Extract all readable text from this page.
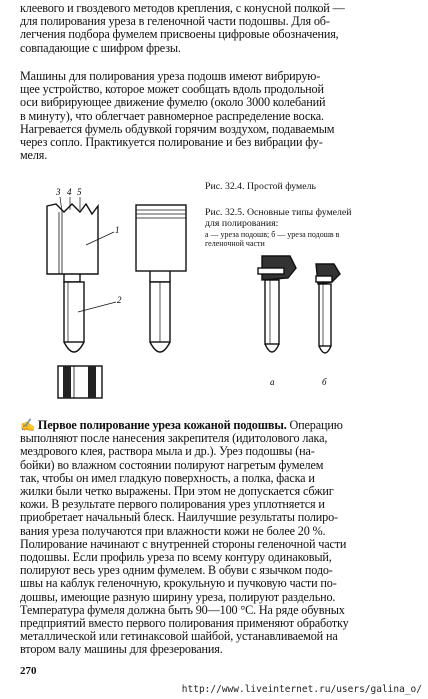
клеевого и гвоздевого методов крепления, с конусной полкой —
для полирования уреза в геленочной части подошвы. Для об-
легчения подбора фумелем присвоены цифровые обозначения,
совпадающие с шифром фрезы.
Машины для полирования уреза подошв имеют вибрирую-
щее устройство, которое может сообщать вдоль продольной
оси вибрирующее движение фумелю (около 3000 колебаний
в минуту), что облегчает равномерное распределение воска.
Нагревается фумель обдувкой горячим воздухом, подаваемым
через сопло. Практикуется полирование и без вибрации фу-
меля.
3 4 5
1
2
а	б
Рис. 32.4. Простой фумель
Рис. 32.5. Основные типы фумелей
для полирования:
а — уреза подошв; б — уреза подошв в
геленочной части
✍ Первое полирование уреза кожаной подошвы. Операцию
выполняют после нанесения закрепителя (идитолового лака,
мездрового клея, раствора мыла и др.). Урез подошвы (на-
бойки) во влажном состоянии полируют нагретым фумелем
так, чтобы он имел гладкую поверхность, а полка, фаска и
жилки были четко выражены. При этом не допускается сбжиг
кожи. В результате первого полирования урез уплотняется и
приобретает начальный блеск. Наилучшие результаты полиро-
вания уреза получаются при влажности кожи не более 20 %.
Полирование начинают с внутренней стороны геленочной части
подошвы. Если профиль уреза по всему контуру одинаковый,
полируют весь урез одним фумелем. В обуви с язычком подо-
швы на каблук геленочную, крокульную и пучковую части по-
дошвы, имеющие разную ширину уреза, полируют раздельно.
Температура фумеля должна быть 90—100 °С. На ряде обувных
предприятий вместо первого полирования применяют обработку
металлической или гетинаксовой шайбой, устанавливаемой на
втором валу машины для фрезерования.
270
http://www.liveinternet.ru/users/galina_o/
